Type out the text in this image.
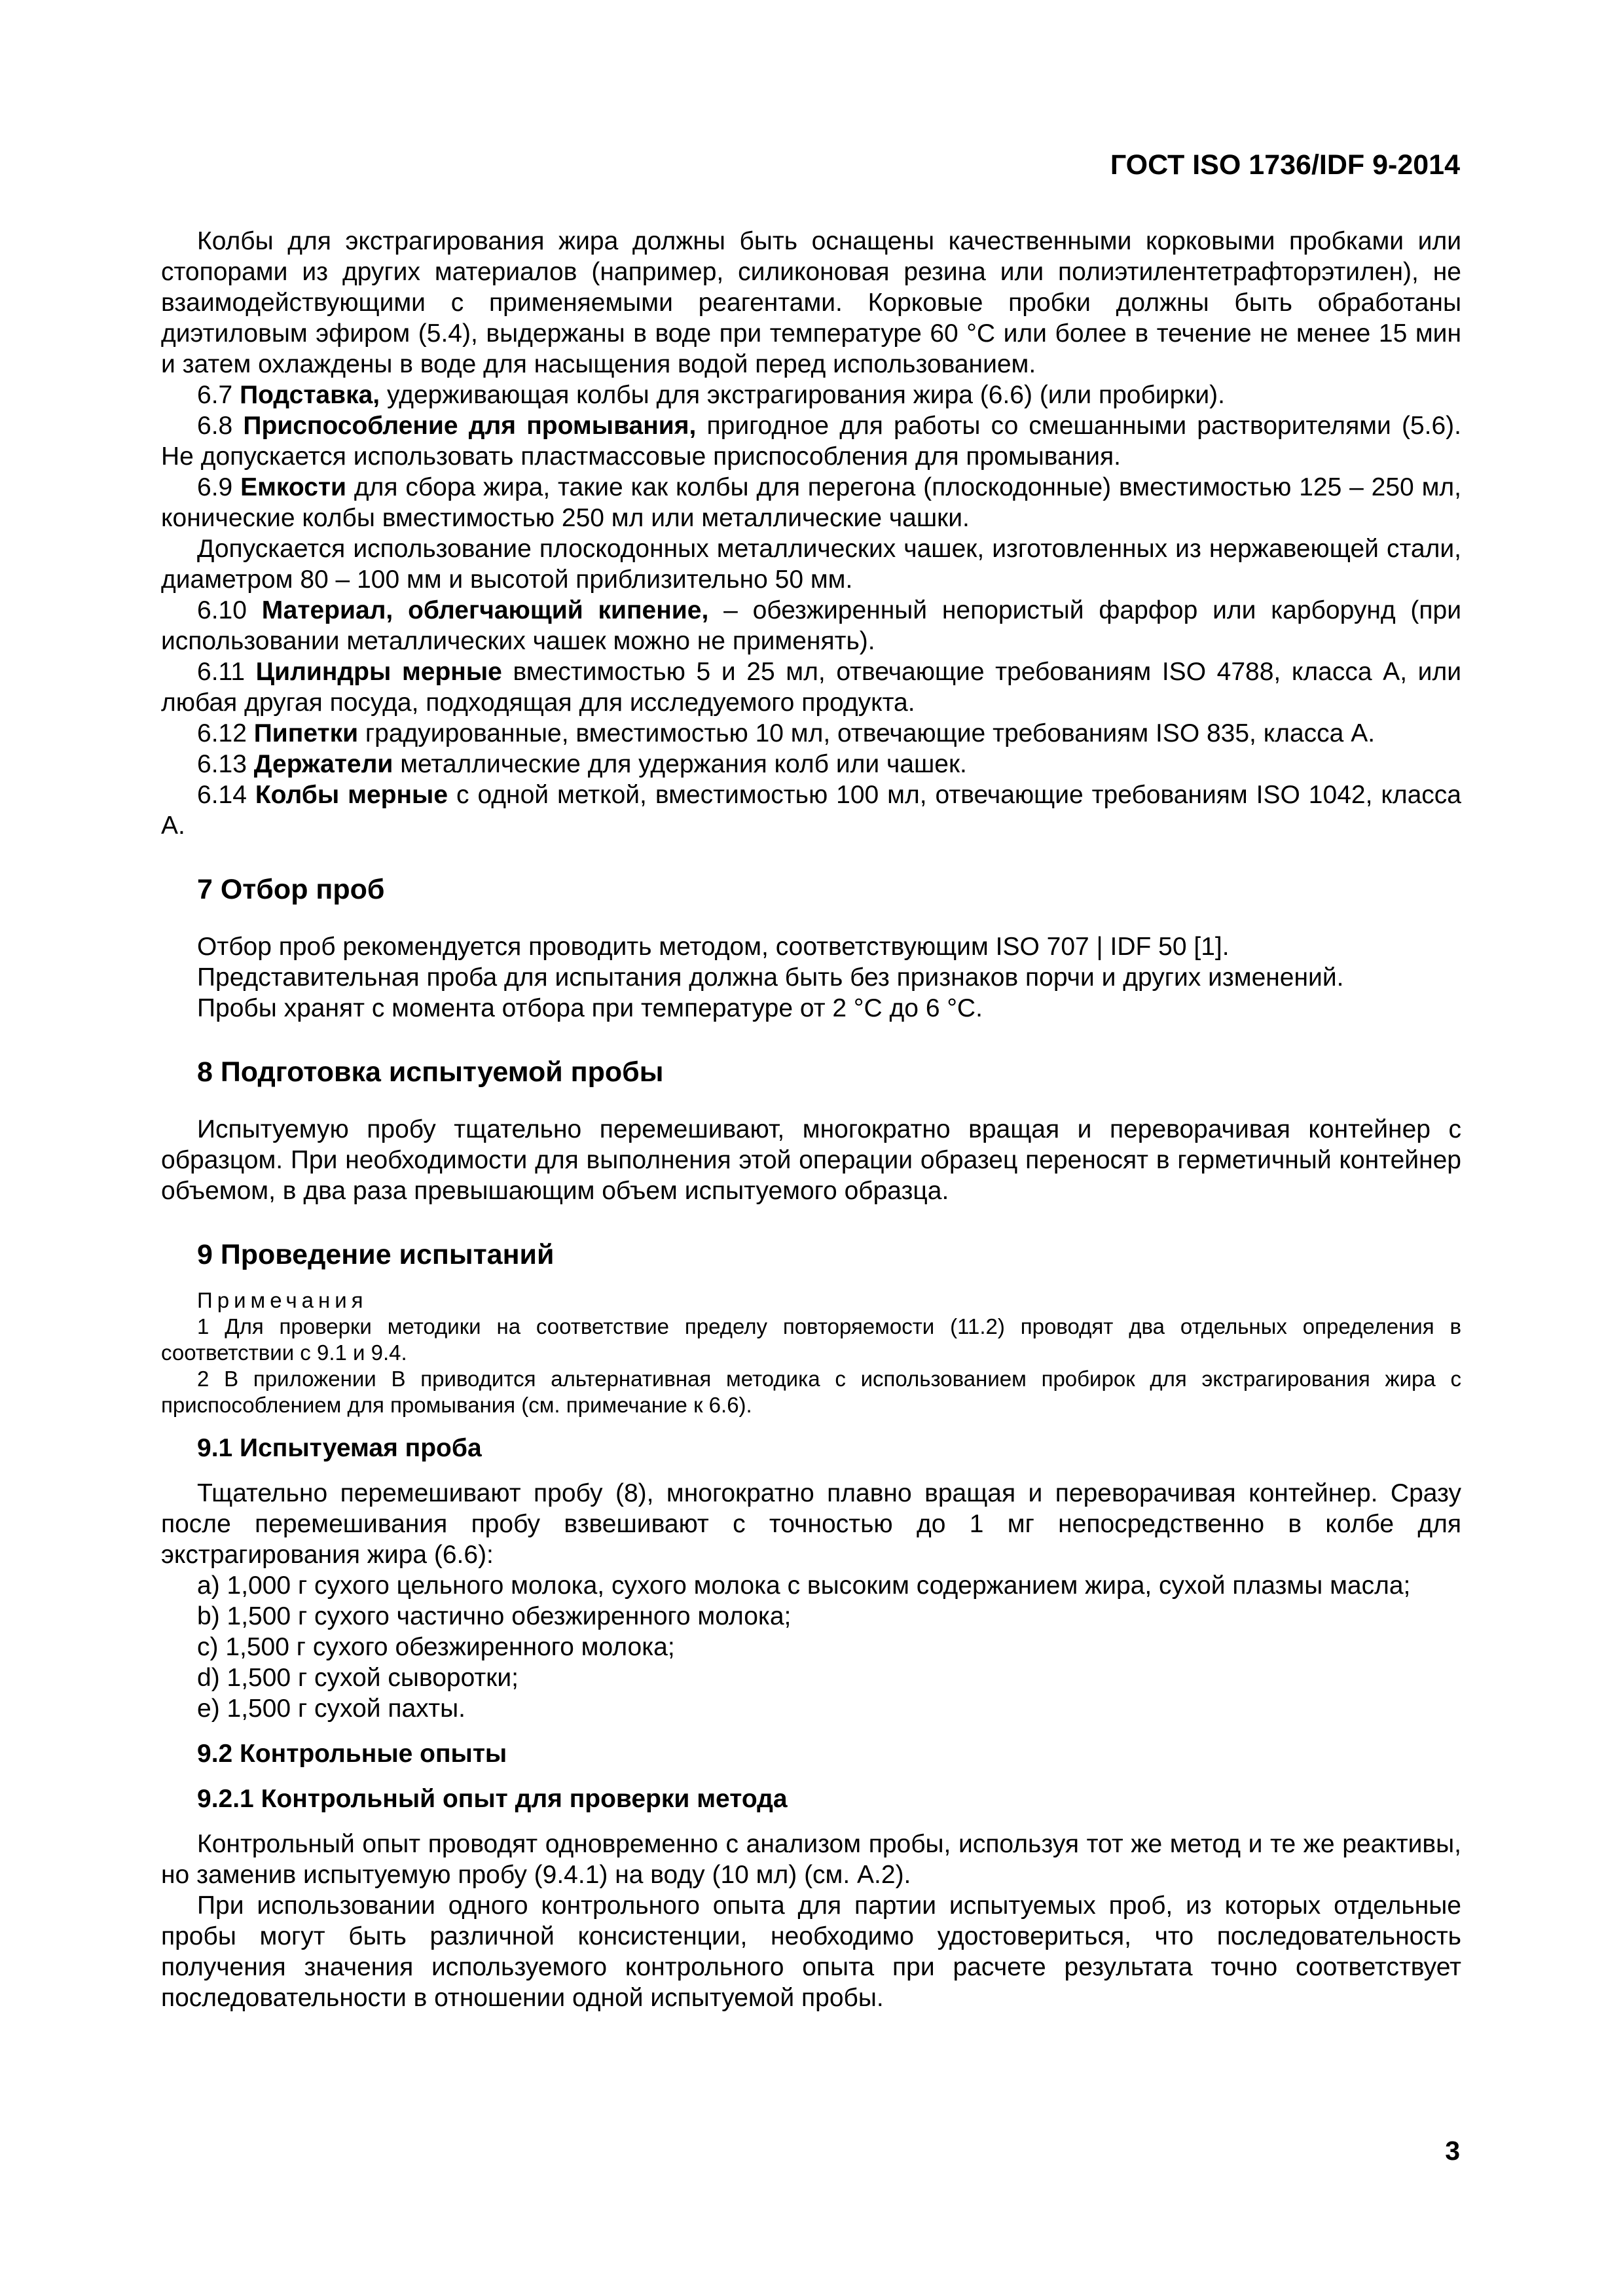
ГОСТ ISO 1736/IDF 9-2014

Колбы для экстрагирования жира должны быть оснащены качественными корковыми пробками или стопорами из других материалов (например, силиконовая резина или полиэтилентетрафторэтилен), не взаимодействующими с применяемыми реагентами. Корковые пробки должны быть обработаны диэтиловым эфиром (5.4), выдержаны в воде при температуре 60 °С или более в течение не менее 15 мин и затем охлаждены в воде для насыщения водой перед использованием.

6.7 Подставка, удерживающая колбы для экстрагирования жира (6.6) (или пробирки).

6.8 Приспособление для промывания, пригодное для работы со смешанными растворителями (5.6). Не допускается использовать пластмассовые приспособления для промывания.

6.9 Емкости для сбора жира, такие как колбы для перегона (плоскодонные) вместимостью 125 – 250 мл, конические колбы вместимостью 250 мл или металлические чашки.

Допускается использование плоскодонных металлических чашек, изготовленных из нержавеющей стали, диаметром 80 – 100 мм и высотой приблизительно 50 мм.

6.10 Материал, облегчающий кипение, – обезжиренный непористый фарфор или карборунд (при использовании металлических чашек можно не применять).

6.11 Цилиндры мерные вместимостью 5 и 25 мл, отвечающие требованиям ISO 4788, класса А, или любая другая посуда, подходящая для исследуемого продукта.

6.12 Пипетки градуированные, вместимостью 10 мл, отвечающие требованиям ISO 835, класса А.

6.13 Держатели металлические для удержания колб или чашек.

6.14 Колбы мерные с одной меткой, вместимостью 100 мл, отвечающие требованиям ISO 1042, класса А.

7 Отбор проб

Отбор проб рекомендуется проводить методом, соответствующим ISO 707 | IDF 50 [1].

Представительная проба для испытания должна быть без признаков порчи и других изменений.

Пробы хранят с момента отбора при температуре от 2 °С до 6 °С.

8 Подготовка испытуемой пробы

Испытуемую пробу тщательно перемешивают, многократно вращая и переворачивая контейнер с образцом. При необходимости для выполнения этой операции образец переносят в герметичный контейнер объемом, в два раза превышающим объем испытуемого образца.

9 Проведение испытаний

Примечания

1 Для проверки методики на соответствие пределу повторяемости (11.2) проводят два отдельных определения в соответствии с 9.1 и 9.4.

2 В приложении В приводится альтернативная методика с использованием пробирок для экстрагирования жира с приспособлением для промывания (см. примечание к 6.6).

9.1 Испытуемая проба

Тщательно перемешивают пробу (8), многократно плавно вращая и переворачивая контейнер. Сразу после перемешивания пробу взвешивают с точностью до 1 мг непосредственно в колбе для экстрагирования жира (6.6):

a) 1,000 г сухого цельного молока, сухого молока с высоким содержанием жира, сухой плазмы масла;

b) 1,500 г сухого частично обезжиренного молока;

c) 1,500 г сухого обезжиренного молока;

d) 1,500 г сухой сыворотки;

e) 1,500 г сухой пахты.

9.2 Контрольные опыты

9.2.1 Контрольный опыт для проверки метода

Контрольный опыт проводят одновременно с анализом пробы, используя тот же метод и те же реактивы, но заменив испытуемую пробу (9.4.1) на воду (10 мл) (см. А.2).

При использовании одного контрольного опыта для партии испытуемых проб, из которых отдельные пробы могут быть различной консистенции, необходимо удостовериться, что последовательность получения значения используемого контрольного опыта при расчете результата точно соответствует последовательности в отношении одной испытуемой пробы.

3
